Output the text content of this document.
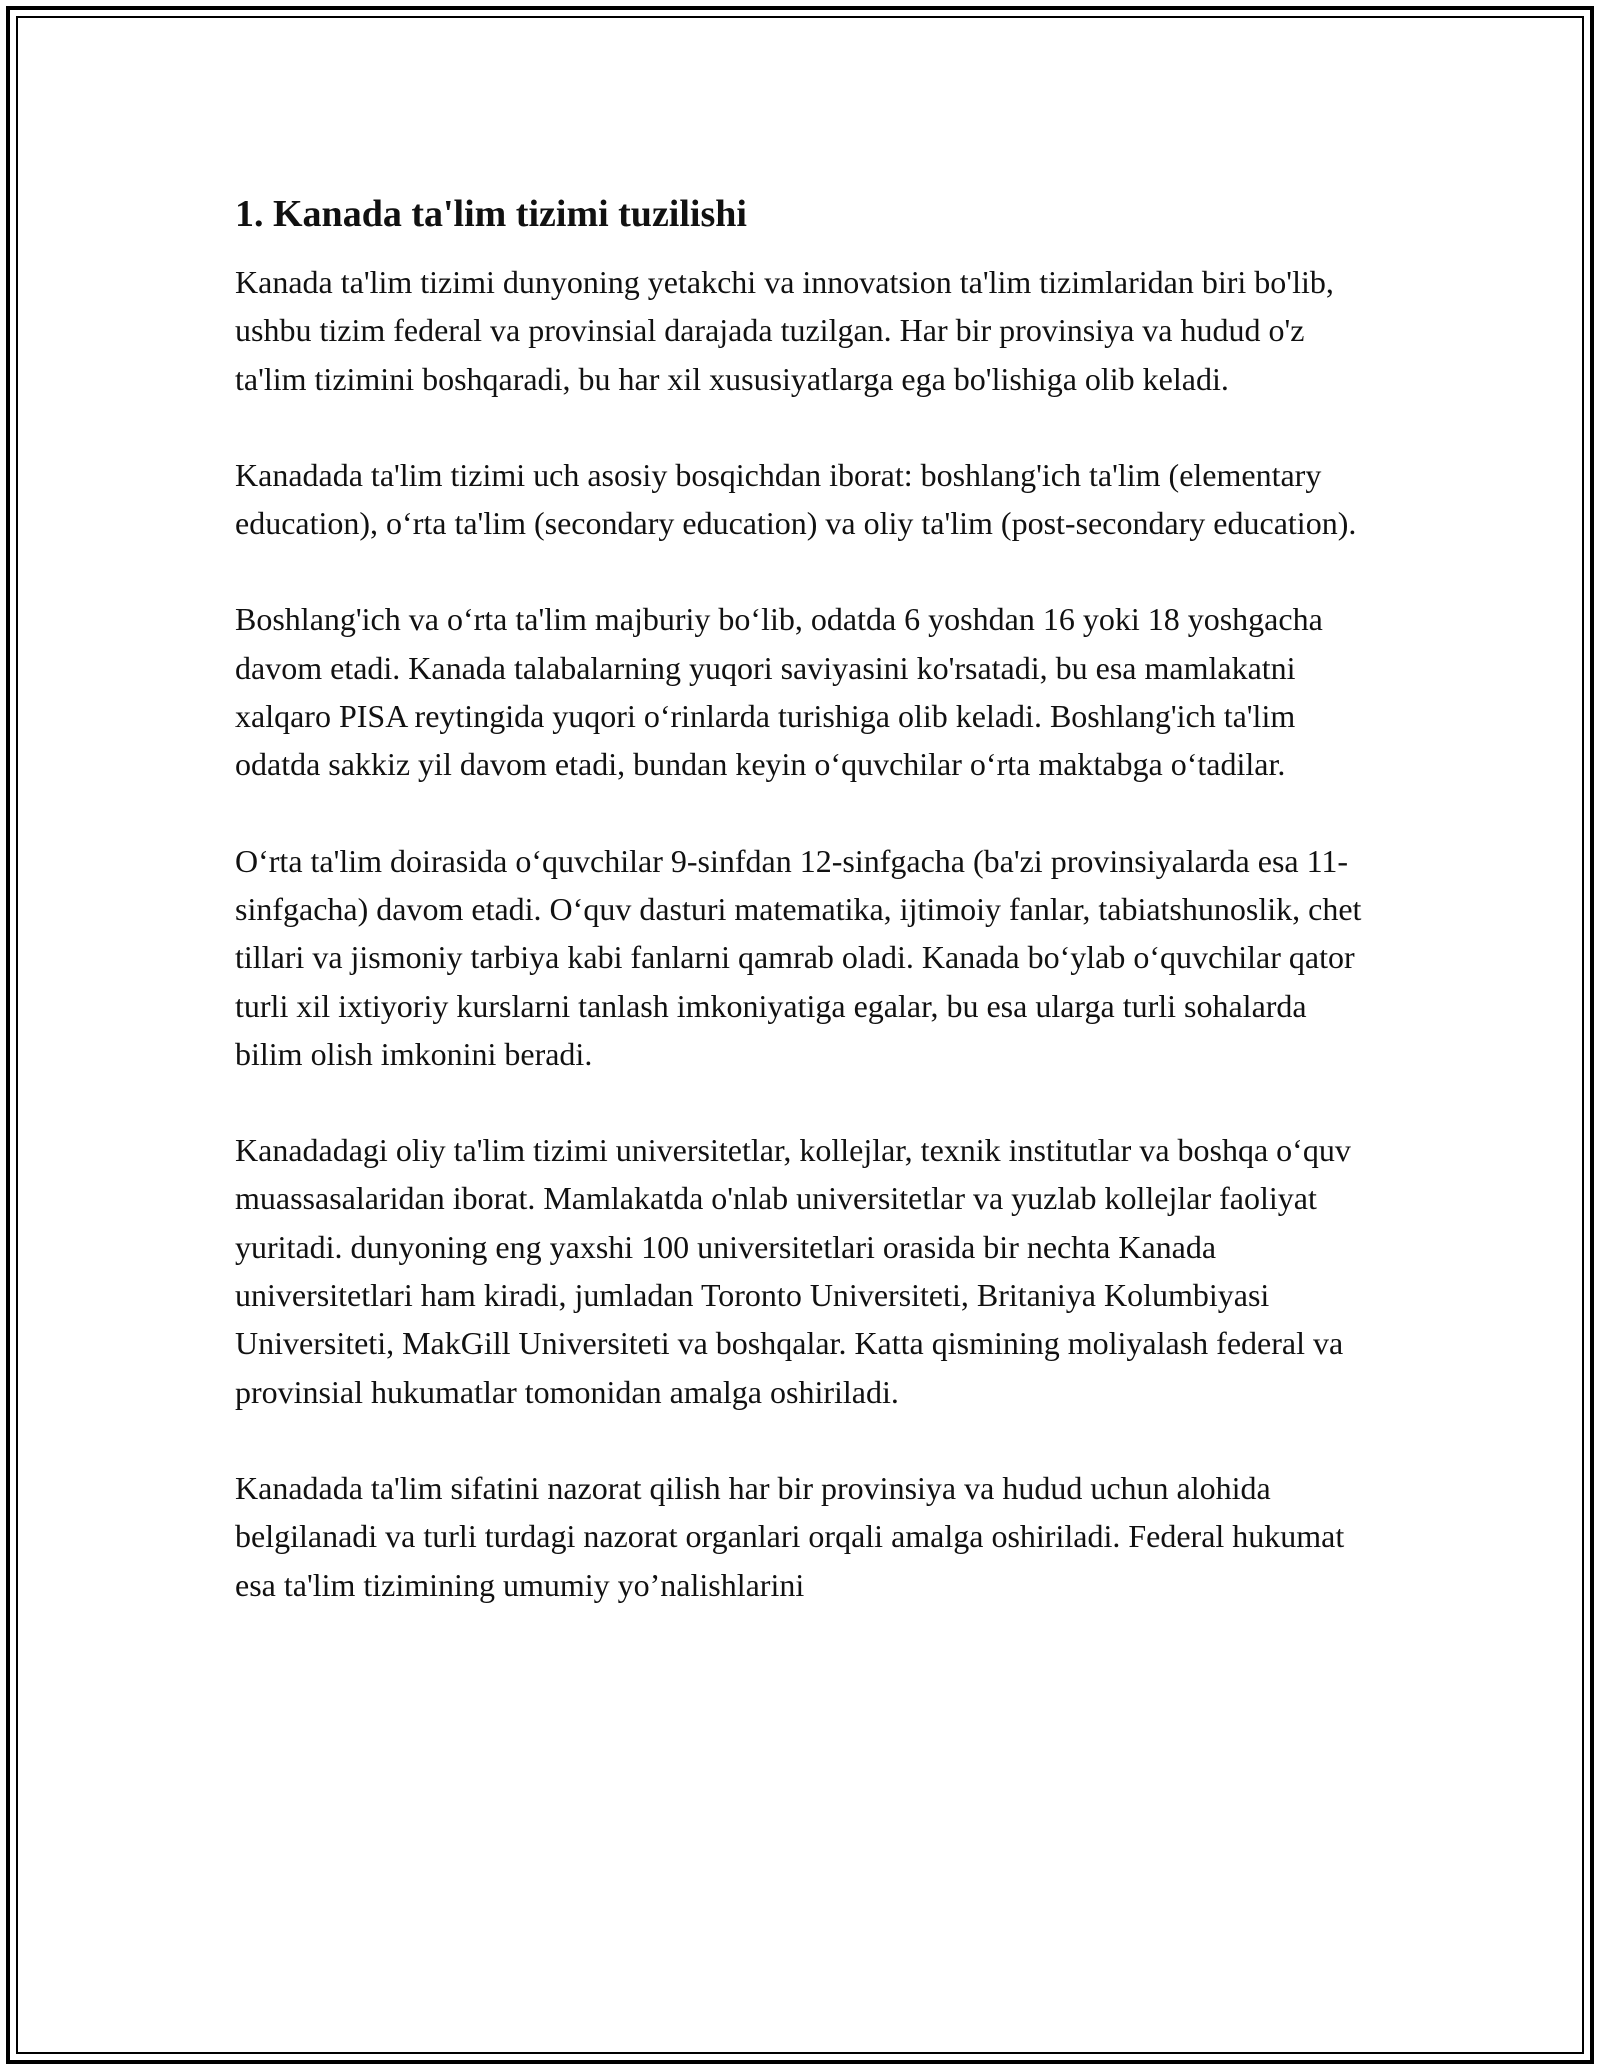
1. Kanada ta'lim tizimi tuzilishi

Kanada ta'lim tizimi dunyoning yetakchi va innovatsion ta'lim tizimlaridan biri bo'lib, ushbu tizim federal va provinsial darajada tuzilgan. Har bir provinsiya va hudud o'z ta'lim tizimini boshqaradi, bu har xil xususiyatlarga ega bo'lishiga olib keladi.

Kanadada ta'lim tizimi uch asosiy bosqichdan iborat: boshlang'ich ta'lim (elementary education), o‘rta ta'lim (secondary education) va oliy ta'lim (post-secondary education).

Boshlang'ich va o‘rta ta'lim majburiy bo‘lib, odatda 6 yoshdan 16 yoki 18 yoshgacha davom etadi. Kanada talabalarning yuqori saviyasini ko'rsatadi, bu esa mamlakatni xalqaro PISA reytingida yuqori o‘rinlarda turishiga olib keladi. Boshlang'ich ta'lim odatda sakkiz yil davom etadi, bundan keyin o‘quvchilar o‘rta maktabga o‘tadilar.

O‘rta ta'lim doirasida o‘quvchilar 9-sinfdan 12-sinfgacha (ba'zi provinsiyalarda esa 11-sinfgacha) davom etadi. O‘quv dasturi matematika, ijtimoiy fanlar, tabiatshunoslik, chet tillari va jismoniy tarbiya kabi fanlarni qamrab oladi. Kanada bo‘ylab o‘quvchilar qator turli xil ixtiyoriy kurslarni tanlash imkoniyatiga egalar, bu esa ularga turli sohalarda bilim olish imkonini beradi.

Kanadadagi oliy ta'lim tizimi universitetlar, kollejlar, texnik institutlar va boshqa o‘quv muassasalaridan iborat. Mamlakatda o'nlab universitetlar va yuzlab kollejlar faoliyat yuritadi. dunyoning eng yaxshi 100 universitetlari orasida bir nechta Kanada universitetlari ham kiradi, jumladan Toronto Universiteti, Britaniya Kolumbiyasi Universiteti, MakGill Universiteti va boshqalar. Katta qismining moliyalash federal va provinsial hukumatlar tomonidan amalga oshiriladi.

Kanadada ta'lim sifatini nazorat qilish har bir provinsiya va hudud uchun alohida belgilanadi va turli turdagi nazorat organlari orqali amalga oshiriladi. Federal hukumat esa ta'lim tizimining umumiy yo’nalishlarini
